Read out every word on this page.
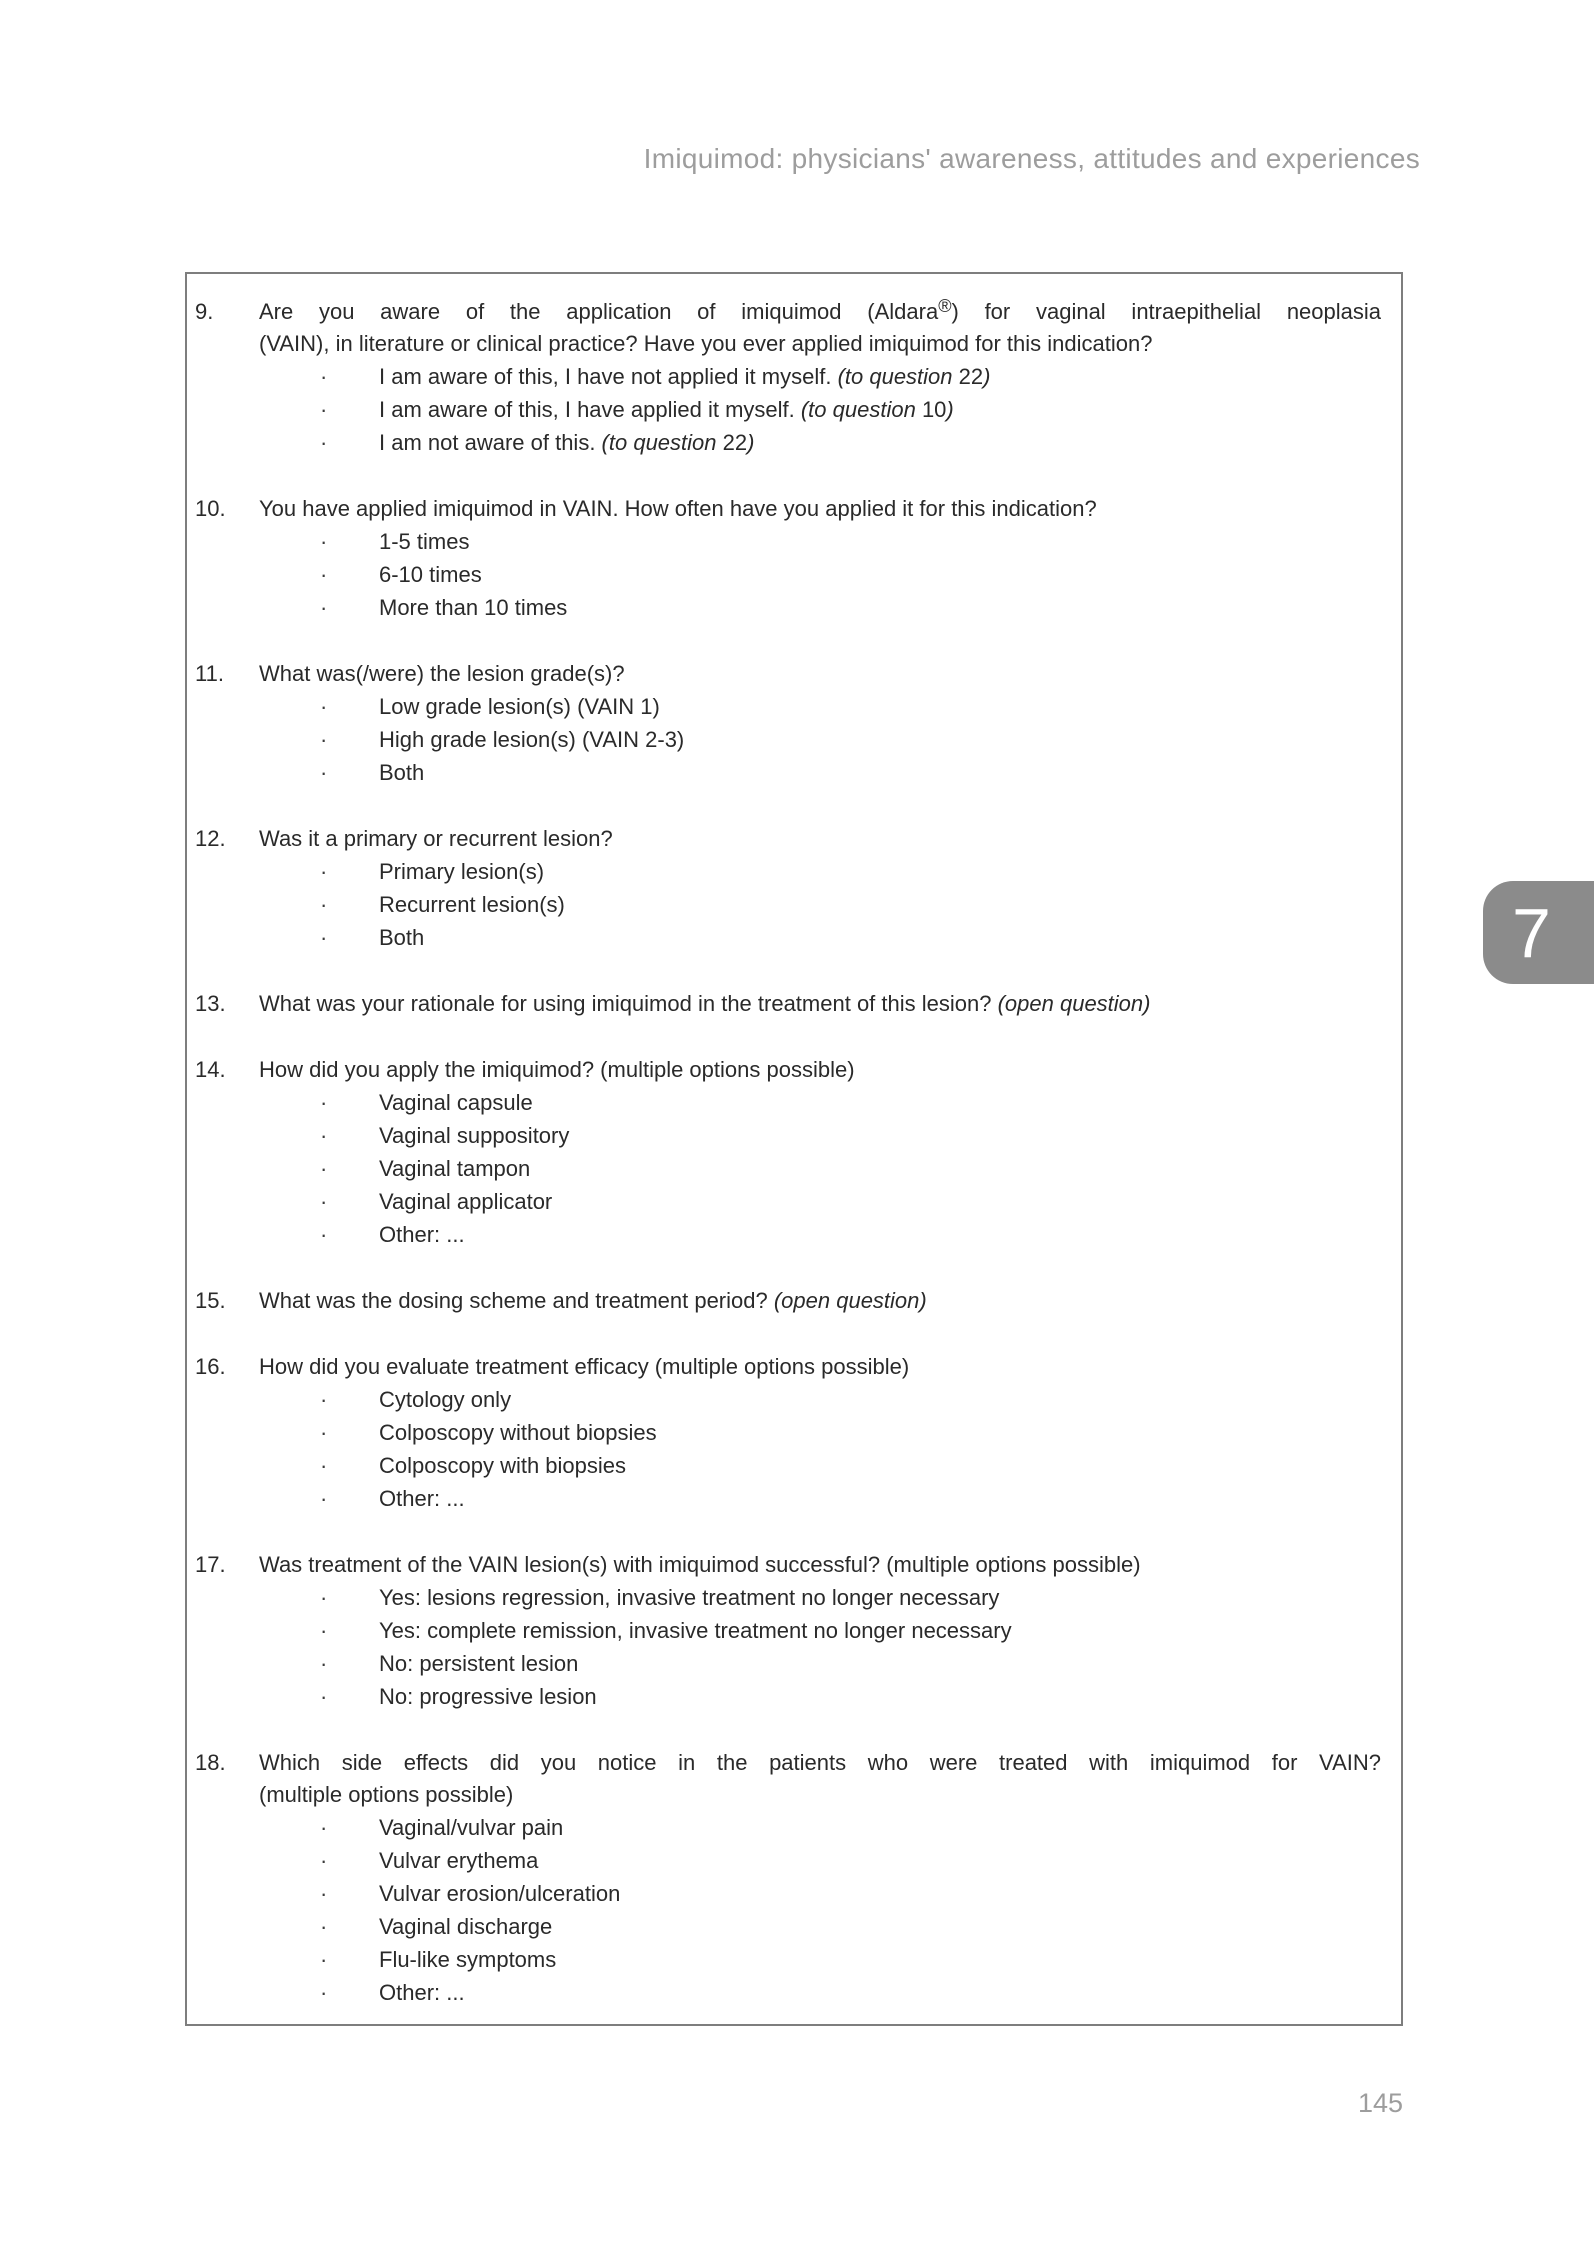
Imiquimod: physicians' awareness, attitudes and experiences
9.	Are you aware of the application of imiquimod (Aldara®) for vaginal intraepithelial neoplasia
(VAIN), in literature or clinical practice? Have you ever applied imiquimod for this indication?
·	I am aware of this, I have not applied it myself. (to question 22)
·	I am aware of this, I have applied it myself. (to question 10)
·	I am not aware of this. (to question 22)
10.	You have applied imiquimod in VAIN. How often have you applied it for this indication?
·	1-5 times
·	6-10 times
·	More than 10 times
11.	What was(/were) the lesion grade(s)?
·	Low grade lesion(s) (VAIN 1)
·	High grade lesion(s) (VAIN 2-3)
·	Both
12.	Was it a primary or recurrent lesion?
·	Primary lesion(s)
·	Recurrent lesion(s)
·	Both
13.	What was your rationale for using imiquimod in the treatment of this lesion? (open question)
14.	How did you apply the imiquimod? (multiple options possible)
·	Vaginal capsule
·	Vaginal suppository
·	Vaginal tampon
·	Vaginal applicator
·	Other: ...
15.	What was the dosing scheme and treatment period? (open question)
16.	How did you evaluate treatment efficacy (multiple options possible)
·	Cytology only
·	Colposcopy without biopsies
·	Colposcopy with biopsies
·	Other: ...
17.	Was treatment of the VAIN lesion(s) with imiquimod successful? (multiple options possible)
·	Yes: lesions regression, invasive treatment no longer necessary
·	Yes: complete remission, invasive treatment no longer necessary
·	No: persistent lesion
·	No: progressive lesion
18.	Which side effects did you notice in the patients who were treated with imiquimod for VAIN?
(multiple options possible)
·	Vaginal/vulvar pain
·	Vulvar erythema
·	Vulvar erosion/ulceration
·	Vaginal discharge
·	Flu-like symptoms
·	Other: ...
7
145
